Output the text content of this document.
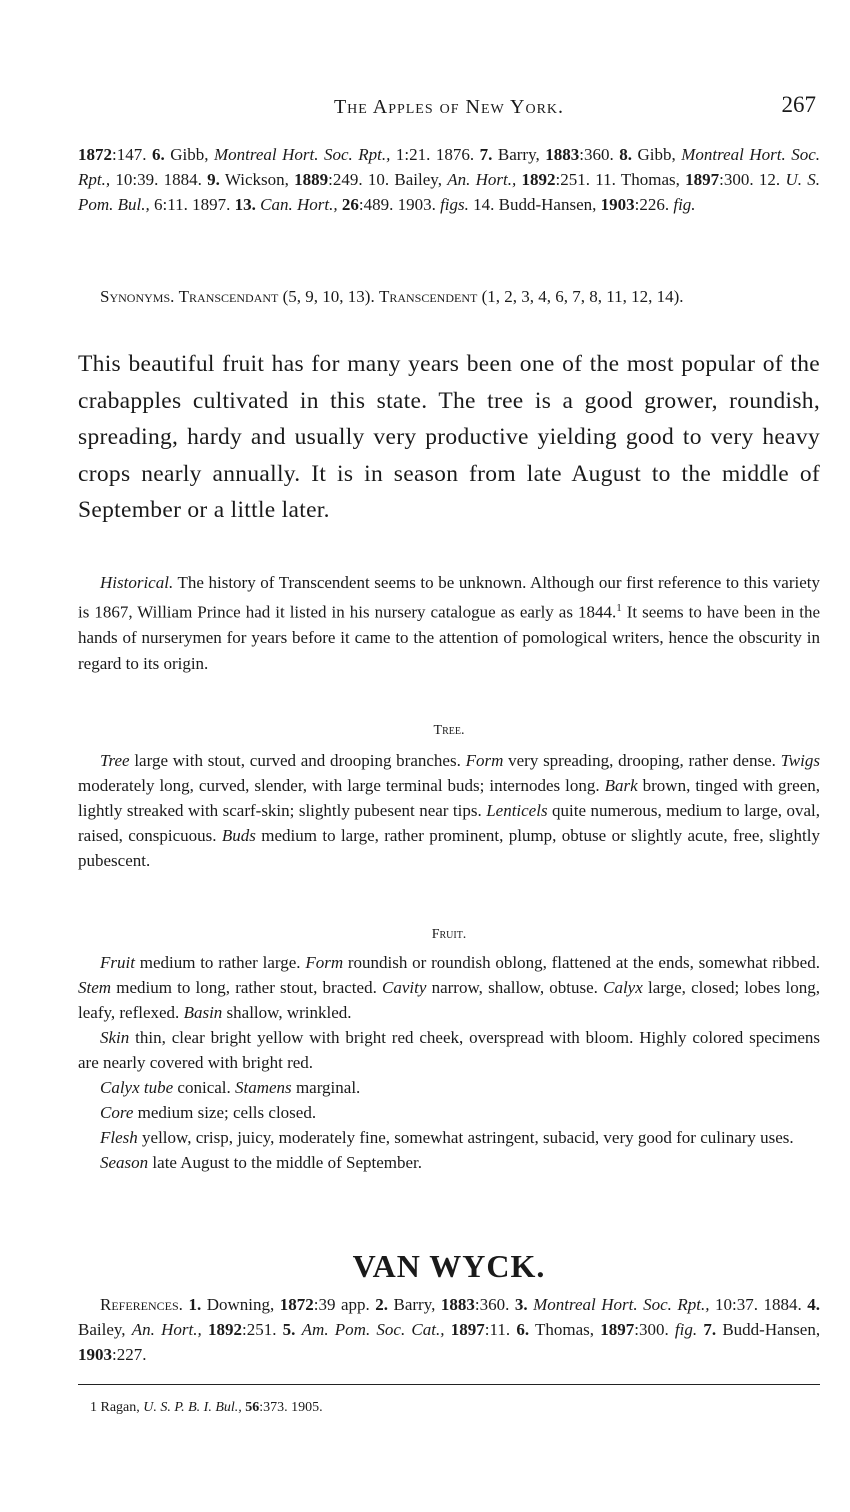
The Apples of New York.	267

1872:147. 6. Gibb, Montreal Hort. Soc. Rpt., 1:21. 1876. 7. Barry, 1883:360. 8. Gibb, Montreal Hort. Soc. Rpt., 10:39. 1884. 9. Wickson, 1889:249. 10. Bailey, An. Hort., 1892:251. 11. Thomas, 1897:300. 12. U. S. Pom. Bul., 6:11. 1897. 13. Can. Hort., 26:489. 1903. figs. 14. Budd-Hansen, 1903:226. fig.

Synonyms. Transcendant (5, 9, 10, 13). Transcendent (1, 2, 3, 4, 6, 7, 8, 11, 12, 14).

This beautiful fruit has for many years been one of the most popular of the crabapples cultivated in this state. The tree is a good grower, roundish, spreading, hardy and usually very productive yielding good to very heavy crops nearly annually. It is in season from late August to the middle of September or a little later.

Historical. The history of Transcendent seems to be unknown. Although our first reference to this variety is 1867, William Prince had it listed in his nursery catalogue as early as 1844.$^1$ It seems to have been in the hands of nurserymen for years before it came to the attention of pomological writers, hence the obscurity in regard to its origin.

Tree.

Tree large with stout, curved and drooping branches. Form very spreading, drooping, rather dense. Twigs moderately long, curved, slender, with large terminal buds; internodes long. Bark brown, tinged with green, lightly streaked with scarf-skin; slightly pubesent near tips. Lenticels quite numerous, medium to large, oval, raised, conspicuous. Buds medium to large, rather prominent, plump, obtuse or slightly acute, free, slightly pubescent.

Fruit.

Fruit medium to rather large. Form roundish or roundish oblong, flattened at the ends, somewhat ribbed. Stem medium to long, rather stout, bracted. Cavity narrow, shallow, obtuse. Calyx large, closed; lobes long, leafy, reflexed. Basin shallow, wrinkled.

Skin thin, clear bright yellow with bright red cheek, overspread with bloom. Highly colored specimens are nearly covered with bright red.

Calyx tube conical. Stamens marginal.

Core medium size; cells closed.

Flesh yellow, crisp, juicy, moderately fine, somewhat astringent, subacid, very good for culinary uses.

Season late August to the middle of September.

VAN WYCK.

References. 1. Downing, 1872:39 app. 2. Barry, 1883:360. 3. Montreal Hort. Soc. Rpt., 10:37. 1884. 4. Bailey, An. Hort., 1892:251. 5. Am. Pom. Soc. Cat., 1897:11. 6. Thomas, 1897:300. fig. 7. Budd-Hansen, 1903:227.

1 Ragan, U. S. P. B. I. Bul., 56:373. 1905.
